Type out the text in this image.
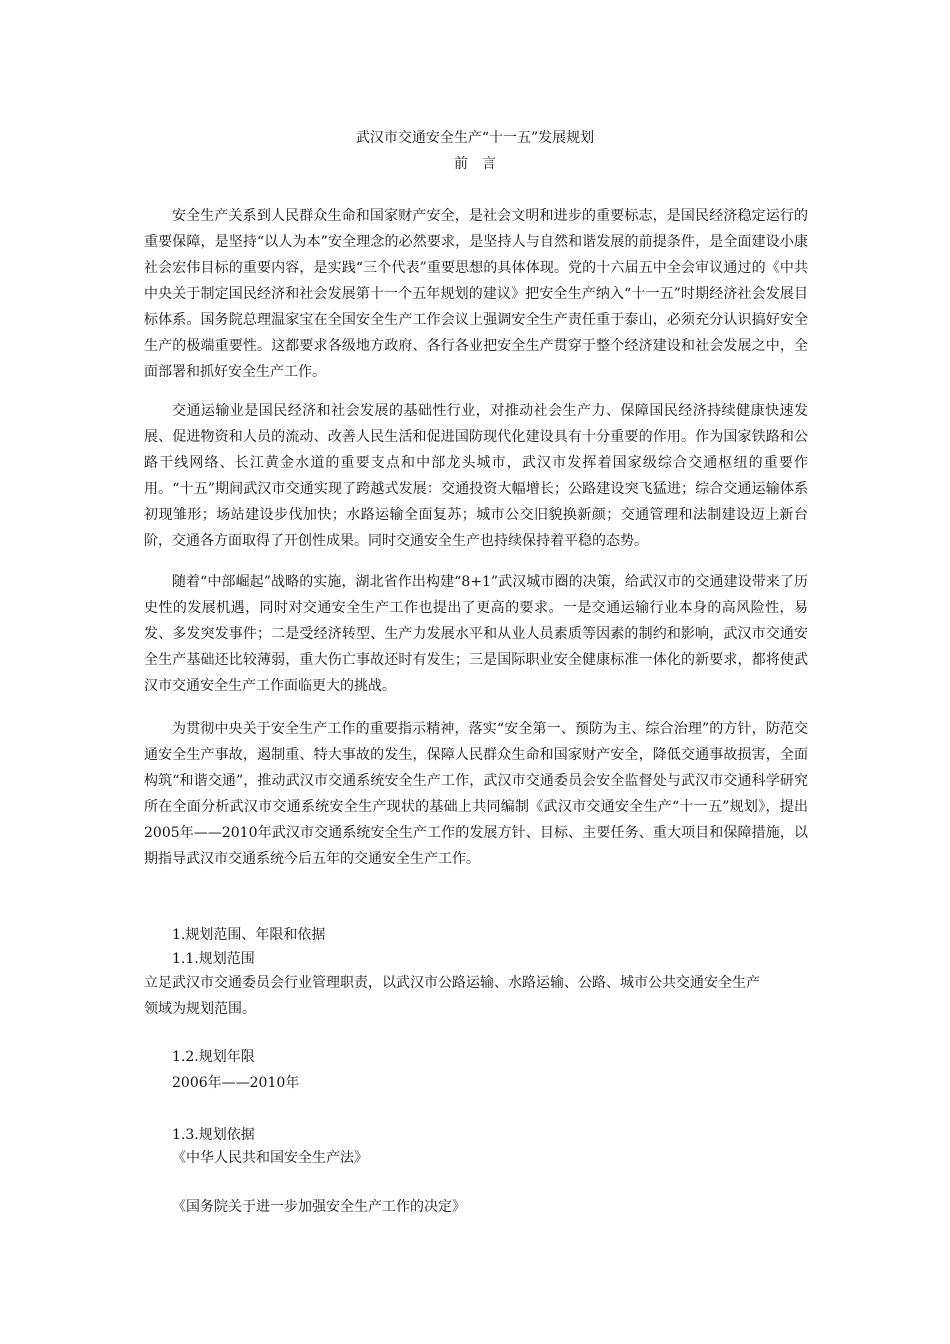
武汉市交通安全生产“十一五”发展规划
前言
安全生产关系到人民群众生命和国家财产安全，是社会文明和进步的重要标志，是国民经济稳定运行的重要保障，是坚持“以人为本”安全理念的必然要求，是坚持人与自然和谐发展的前提条件，是全面建设小康社会宏伟目标的重要内容，是实践“三个代表”重要思想的具体体现。党的十六届五中全会审议通过的《中共中央关于制定国民经济和社会发展第十一个五年规划的建议》把安全生产纳入“十一五”时期经济社会发展目标体系。国务院总理温家宝在全国安全生产工作会议上强调安全生产责任重于泰山，必须充分认识搞好安全生产的极端重要性。这都要求各级地方政府、各行各业把安全生产贯穿于整个经济建设和社会发展之中，全面部署和抓好安全生产工作。
交通运输业是国民经济和社会发展的基础性行业，对推动社会生产力、保障国民经济持续健康快速发展、促进物资和人员的流动、改善人民生活和促进国防现代化建设具有十分重要的作用。作为国家铁路和公路干线网络、长江黄金水道的重要支点和中部龙头城市，武汉市发挥着国家级综合交通枢纽的重要作用。“十五”期间武汉市交通实现了跨越式发展：交通投资大幅增长；公路建设突飞猛进；综合交通运输体系初现雏形；场站建设步伐加快；水路运输全面复苏；城市公交旧貌换新颜；交通管理和法制建设迈上新台阶，交通各方面取得了开创性成果。同时交通安全生产也持续保持着平稳的态势。
随着“中部崛起”战略的实施，湖北省作出构建“8+1”武汉城市圈的决策，给武汉市的交通建设带来了历史性的发展机遇，同时对交通安全生产工作也提出了更高的要求。一是交通运输行业本身的高风险性，易发、多发突发事件；二是受经济转型、生产力发展水平和从业人员素质等因素的制约和影响，武汉市交通安全生产基础还比较薄弱，重大伤亡事故还时有发生；三是国际职业安全健康标准一体化的新要求，都将使武汉市交通安全生产工作面临更大的挑战。
为贯彻中央关于安全生产工作的重要指示精神，落实“安全第一、预防为主、综合治理”的方针，防范交通安全生产事故，遏制重、特大事故的发生，保障人民群众生命和国家财产安全，降低交通事故损害，全面构筑“和谐交通”，推动武汉市交通系统安全生产工作，武汉市交通委员会安全监督处与武汉市交通科学研究所在全面分析武汉市交通系统安全生产现状的基础上共同编制《武汉市交通安全生产“十一五”规划》，提出2005年——2010年武汉市交通系统安全生产工作的发展方针、目标、主要任务、重大项目和保障措施，以期指导武汉市交通系统今后五年的交通安全生产工作。
1.规划范围、年限和依据
1.1.规划范围
立足武汉市交通委员会行业管理职责，以武汉市公路运输、水路运输、公路、城市公共交通安全生产
领域为规划范围。
1.2.规划年限
2006年——2010年
1.3.规划依据
《中华人民共和国安全生产法》
《国务院关于进一步加强安全生产工作的决定》
